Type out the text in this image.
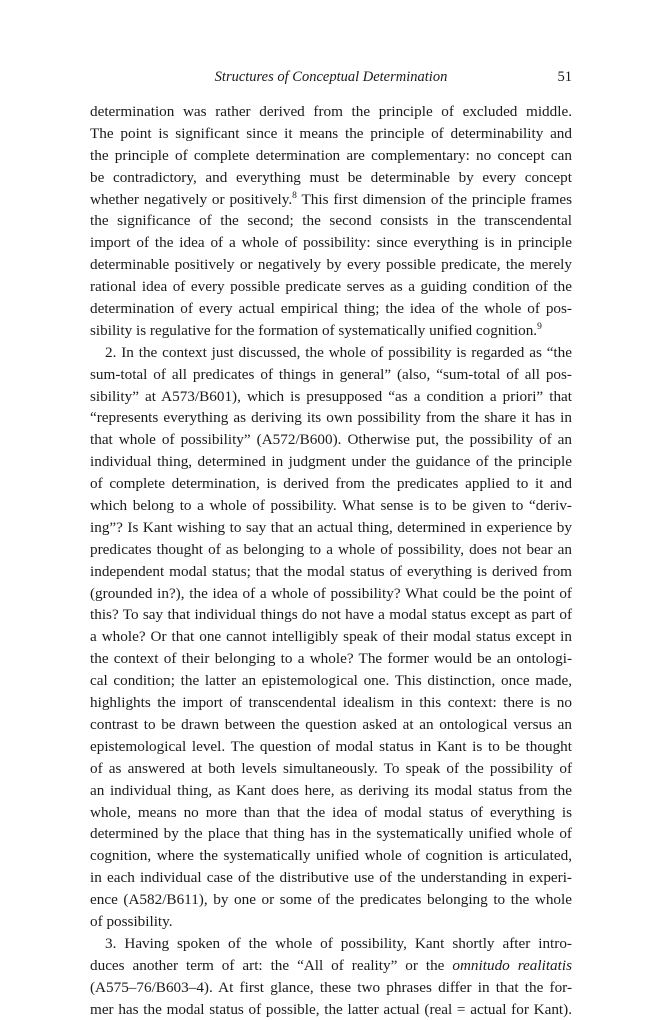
Structures of Conceptual Determination	51
determination was rather derived from the principle of excluded middle.
The point is significant since it means the principle of determinability and
the principle of complete determination are complementary: no concept can
be contradictory, and everything must be determinable by every concept
whether negatively or positively.$^8$ This first dimension of the principle frames
the significance of the second; the second consists in the transcendental
import of the idea of a whole of possibility: since everything is in principle
determinable positively or negatively by every possible predicate, the merely
rational idea of every possible predicate serves as a guiding condition of the
determination of every actual empirical thing; the idea of the whole of pos-
sibility is regulative for the formation of systematically unified cognition.$^9$
2. In the context just discussed, the whole of possibility is regarded as “the
sum-total of all predicates of things in general” (also, “sum-total of all pos-
sibility” at A573/B601), which is presupposed “as a condition a priori” that
“represents everything as deriving its own possibility from the share it has in
that whole of possibility” (A572/B600). Otherwise put, the possibility of an
individual thing, determined in judgment under the guidance of the principle
of complete determination, is derived from the predicates applied to it and
which belong to a whole of possibility. What sense is to be given to “deriv-
ing”? Is Kant wishing to say that an actual thing, determined in experience by
predicates thought of as belonging to a whole of possibility, does not bear an
independent modal status; that the modal status of everything is derived from
(grounded in?), the idea of a whole of possibility? What could be the point of
this? To say that individual things do not have a modal status except as part of
a whole? Or that one cannot intelligibly speak of their modal status except in
the context of their belonging to a whole? The former would be an ontologi-
cal condition; the latter an epistemological one. This distinction, once made,
highlights the import of transcendental idealism in this context: there is no
contrast to be drawn between the question asked at an ontological versus an
epistemological level. The question of modal status in Kant is to be thought
of as answered at both levels simultaneously. To speak of the possibility of
an individual thing, as Kant does here, as deriving its modal status from the
whole, means no more than that the idea of modal status of everything is
determined by the place that thing has in the systematically unified whole of
cognition, where the systematically unified whole of cognition is articulated,
in each individual case of the distributive use of the understanding in experi-
ence (A582/B611), by one or some of the predicates belonging to the whole
of possibility.
3. Having spoken of the whole of possibility, Kant shortly after intro-
duces another term of art: the “All of reality” or the omnitudo realitatis
(A575–76/B603–4). At first glance, these two phrases differ in that the for-
mer has the modal status of possible, the latter actual (real = actual for Kant).
